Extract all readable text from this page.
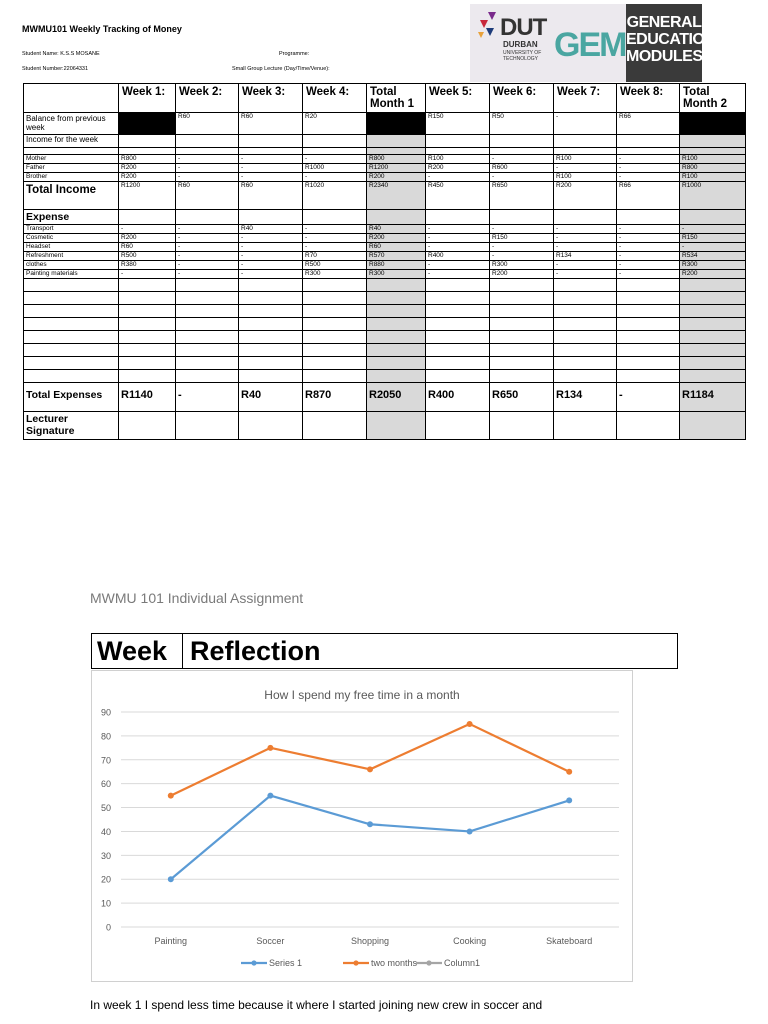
MWMU101 Weekly Tracking of Money
Student Name: K.S.S MOSANE	Programme:
Student Number:22064331	Small Group Lecture (Day/Time/Venue):
DUT
DURBAN
UNIVERSITY OF
TECHNOLOGY GEM
GENERAL
EDUCATION
MODULES
	Week 1:	Week 2:	Week 3:	Week 4:	Total Month 1	Week 5:	Week 6:	Week 7:	Week 8:	Total Month 2
Balance from previous week		R60	R60	R20		R150	R50	-	R66	
Income for the week										

Mother	R800	-	-	-	R800	R100	-	R100	-	R100
Father	R200	-	-	R1000	R1200	R200	R600	-	-	R800
Brother	R200	-	-	-	R200	-	-	R100	-	R100
Total Income	R1200	R60	R60	R1020	R2340	R450	R650	R200	R66	R1000
Expense										
Transport	-	-	R40	-	R40	-	-	-	-	-
Cosmetic	R200	-	-	-	R200	-	R150	-	-	R150
Headset	R60	-	-	-	R60	-	-	-	-	-
Refreshment	R500	-	-	R70	R570	R400	-	R134	-	R534
clothes	R380	-	-	R500	R880	-	R300	-	-	R300
Painting materials	-	-	-	R300	R300	-	R200	-	-	R200

Total Expenses	R1140	-	R40	R870	R2050	R400	R650	R134	-	R1184
Lecturer Signature										
MWMU 101 Individual Assignment
Week Reflection
How I spend my free time in a month
0
10
20
30
40
50
60
70
80
90
Painting	Soccer	Shopping	Cooking	Skateboard
Series 1	two months	Column1
In week 1 I spend less time because it where I started joining new crew in soccer and
